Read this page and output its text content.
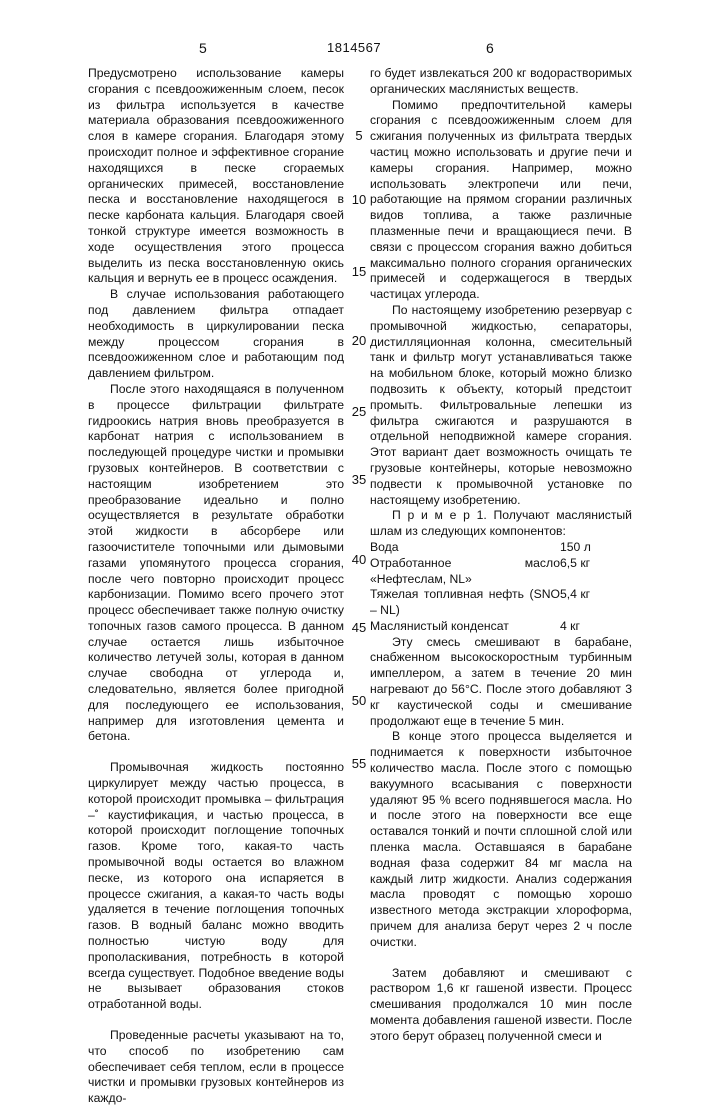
5	1814567	6

Предусмотрено использование камеры сгорания с псевдоожиженным слоем, песок из фильтра используется в качестве материала образования псевдоожиженного слоя в камере сгорания. Благодаря этому происходит полное и эффективное сгорание находящихся в песке сгораемых органических примесей, восстановление песка и восстановление находящегося в песке карбоната кальция. Благодаря своей тонкой структуре имеется возможность в ходе осуществления этого процесса выделить из песка восстановленную окись кальция и вернуть ее в процесс осаждения.

В случае использования работающего под давлением фильтра отпадает необходимость в циркулировании песка между процессом сгорания в псевдоожиженном слое и работающим под давлением фильтром.

После этого находящаяся в полученном в процессе фильтрации фильтрате гидроокись натрия вновь преобразуется в карбонат натрия с использованием в последующей процедуре чистки и промывки грузовых контейнеров. В соответствии с настоящим изобретением это преобразование идеально и полно осуществляется в результате обработки этой жидкости в абсорбере или газоочистителе топочными или дымовыми газами упомянутого процесса сгорания, после чего повторно происходит процесс карбонизации. Помимо всего прочего этот процесс обеспечивает также полную очистку топочных газов самого процесса. В данном случае остается лишь избыточное количество летучей золы, которая в данном случае свободна от углерода и, следовательно, является более пригодной для последующего ее использования, например для изготовления цемента и бетона.

Промывочная жидкость постоянно циркулирует между частью процесса, в которой происходит промывка – фильтрация –˚ каустификация, и частью процесса, в которой происходит поглощение топочных газов. Кроме того, какая-то часть промывочной воды остается во влажном песке, из которого она испаряется в процессе сжигания, а какая-то часть воды удаляется в течение поглощения топочных газов. В водный баланс можно вводить полностью чистую воду для прополаскивания, потребность в которой всегда существует. Подобное введение воды не вызывает образования стоков отработанной воды.

Проведенные расчеты указывают на то, что способ по изобретению сам обеспечивает себя теплом, если в процессе чистки и промывки грузовых контейнеров из каждо-

5
10
15
20
25
35
40
45
50
55

го будет извлекаться 200 кг водорастворимых органических маслянистых веществ.

Помимо предпочтительной камеры сгорания с псевдоожиженным слоем для сжигания полученных из фильтрата твердых частиц можно использовать и другие печи и камеры сгорания. Например, можно использовать электропечи или печи, работающие на прямом сгорании различных видов топлива, а также различные плазменные печи и вращающиеся печи. В связи с процессом сгорания важно добиться максимально полного сгорания органических примесей и содержащегося в твердых частицах углерода.

По настоящему изобретению резервуар с промывочной жидкостью, сепараторы, дистилляционная колонна, смесительный танк и фильтр могут устанавливаться также на мобильном блоке, который можно близко подвозить к объекту, который предстоит промыть. Фильтровальные лепешки из фильтра сжигаются и разрушаются в отдельной неподвижной камере сгорания. Этот вариант дает возможность очищать те грузовые контейнеры, которые невозможно подвести к промывочной установке по настоящему изобретению.

П р и м е р 1. Получают маслянистый шлам из следующих компонентов:

Вода	150 л
Отработанное масло «Нефтеслам, NL»	6,5 кг
Тяжелая топливная нефть (SNO – NL)	5,4 кг
Маслянистый конденсат	4 кг

Эту смесь смешивают в барабане, снабженном высокоскоростным турбинным импеллером, а затем в течение 20 мин нагревают до 56°С. После этого добавляют 3 кг каустической соды и смешивание продолжают еще в течение 5 мин.

В конце этого процесса выделяется и поднимается к поверхности избыточное количество масла. После этого с помощью вакуумного всасывания с поверхности удаляют 95 % всего поднявшегося масла. Но и после этого на поверхности все еще оставался тонкий и почти сплошной слой или пленка масла. Оставшаяся в барабане водная фаза содержит 84 мг масла на каждый литр жидкости. Анализ содержания масла проводят с помощью хорошо известного метода экстракции хлороформа, причем для анализа берут через 2 ч после очистки.

Затем добавляют и смешивают с раствором 1,6 кг гашеной извести. Процесс смешивания продолжался 10 мин после момента добавления гашеной извести. После этого берут образец полученной смеси и
